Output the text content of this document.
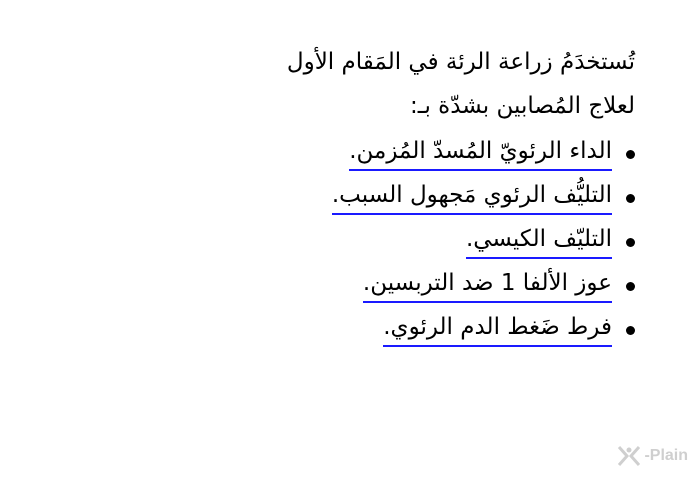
تُستخدَمُ زراعة الرئة في المَقام الأول
لعلاج المُصابين بشدّة بـ:

الداء الرئويّ المُسدّ المُزمن.
التليُّف الرئوي مَجهول السبب.
التليّف الكيسي.
عوز الألفا 1 ضد التربسين.
فرط ضَغط الدم الرئوي.
-Plain
